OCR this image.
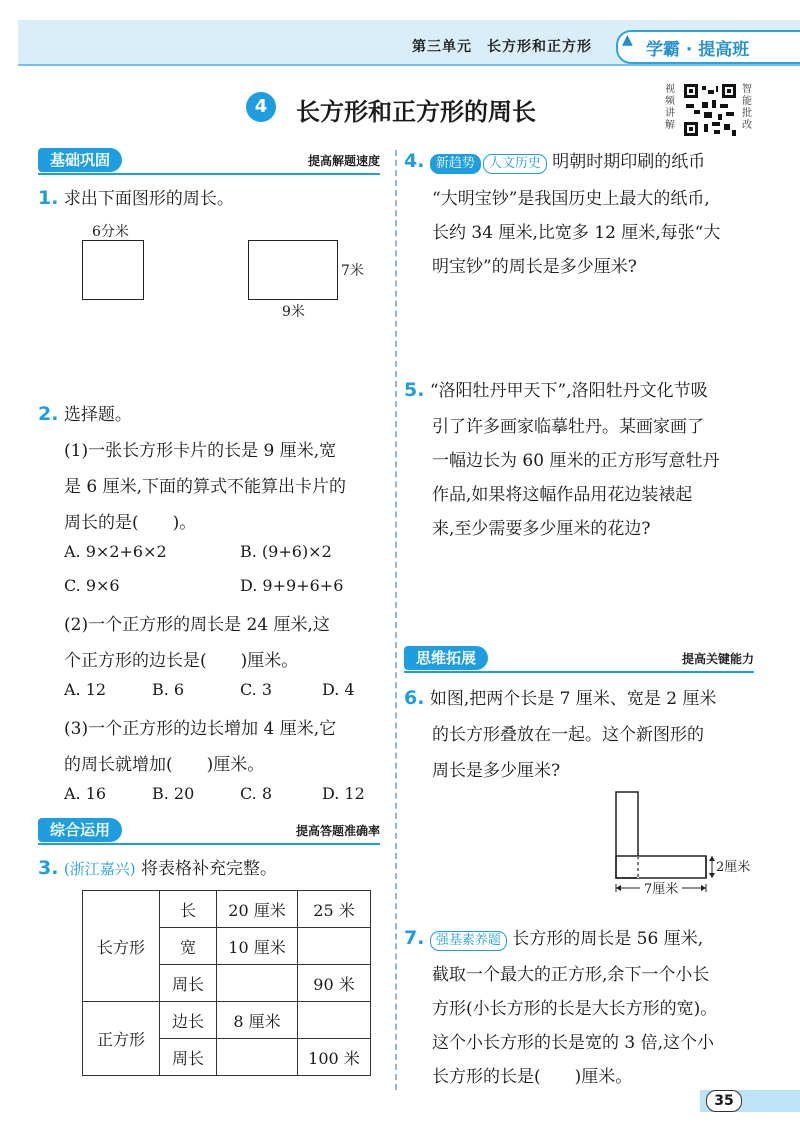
第三单元　长方形和正方形 ▲ 学霸 · 提高班
4	长方形和正方形的周长
视频讲解
智能批改
基础巩固	提高解题速度
1. 求出下面图形的周长。
6分米
7米
9米
2. 选择题。
(1)一张长方形卡片的长是 9 厘米,宽
是 6 厘米,下面的算式不能算出卡片的
周长的是(　　)。
A. 9×2+6×2	B. (9+6)×2
C. 9×6	D. 9+9+6+6
(2)一个正方形的周长是 24 厘米,这
个正方形的边长是(　　)厘米。
A. 12	B. 6	C. 3	D. 4
(3)一个正方形的边长增加 4 厘米,它
的周长就增加(　　)厘米。
A. 16	B. 20	C. 8	D. 12
综合运用	提高答题准确率
3. (浙江嘉兴) 将表格补充完整。
长方形	长	20 厘米	25 米
	宽	10 厘米	
	周长		90 米
正方形	边长	8 厘米	
	周长		100 米
4. 新趋势 人文历史 明朝时期印刷的纸币
“大明宝钞”是我国历史上最大的纸币,
长约 34 厘米,比宽多 12 厘米,每张“大
明宝钞”的周长是多少厘米?
5. “洛阳牡丹甲天下”,洛阳牡丹文化节吸
引了许多画家临摹牡丹。某画家画了
一幅边长为 60 厘米的正方形写意牡丹
作品,如果将这幅作品用花边装裱起
来,至少需要多少厘米的花边?
思维拓展	提高关键能力
6. 如图,把两个长是 7 厘米、宽是 2 厘米
的长方形叠放在一起。这个新图形的
周长是多少厘米?
2厘米
7厘米
7. 强基素养题 长方形的周长是 56 厘米,
截取一个最大的正方形,余下一个小长
方形(小长方形的长是大长方形的宽)。
这个小长方形的长是宽的 3 倍,这个小
长方形的长是(　　)厘米。
35
